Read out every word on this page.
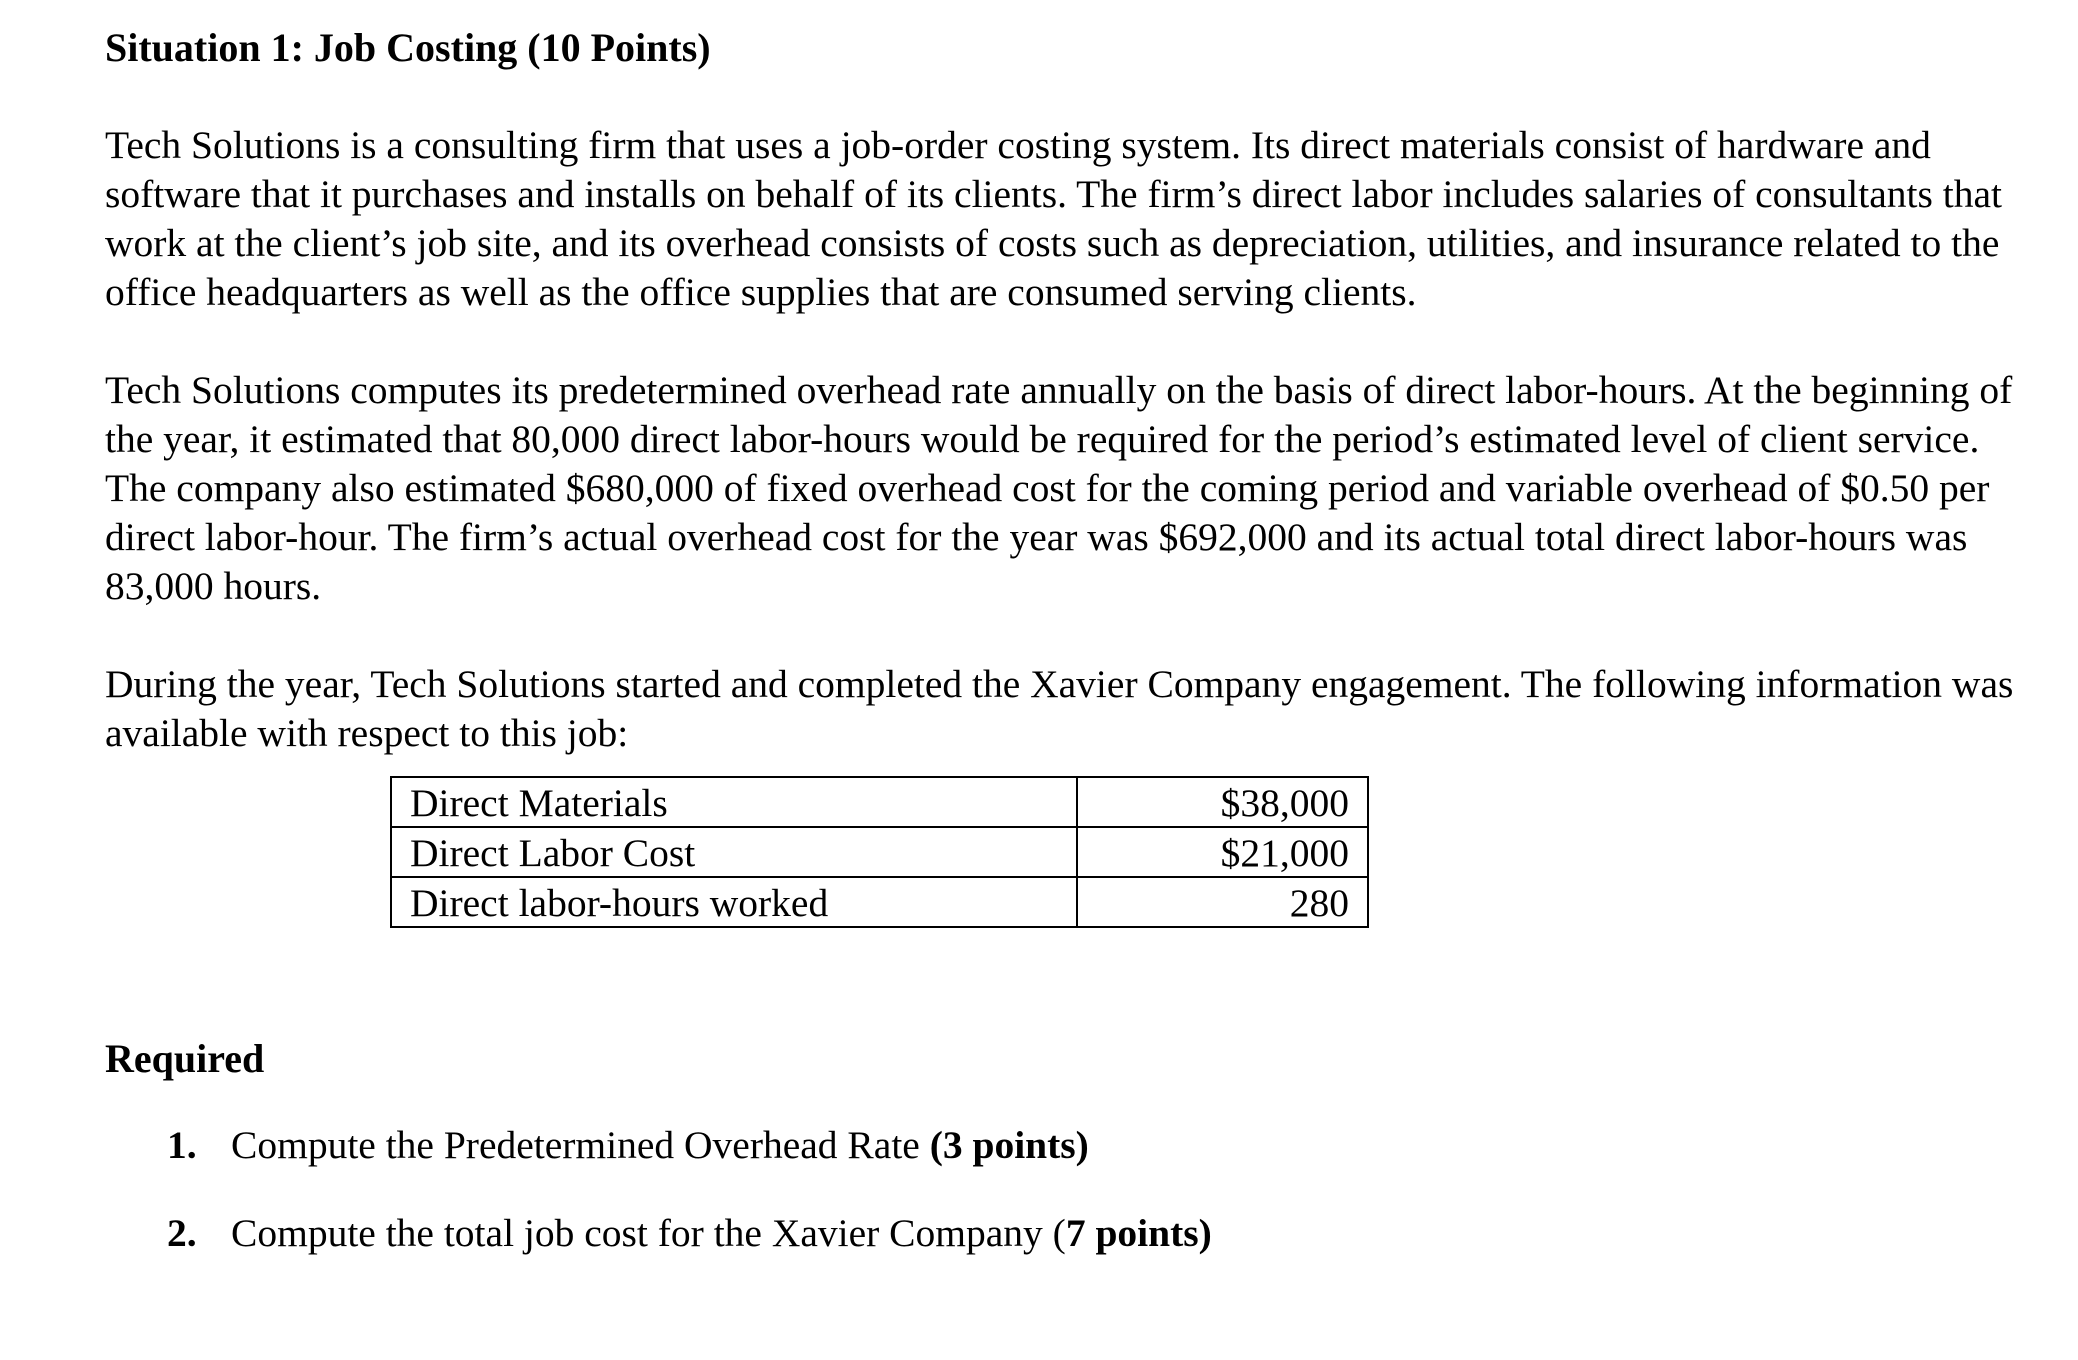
Situation 1: Job Costing (10 Points)

Tech Solutions is a consulting firm that uses a job-order costing system. Its direct materials consist of hardware and software that it purchases and installs on behalf of its clients. The firm’s direct labor includes salaries of consultants that work at the client’s job site, and its overhead consists of costs such as depreciation, utilities, and insurance related to the office headquarters as well as the office supplies that are consumed serving clients.

Tech Solutions computes its predetermined overhead rate annually on the basis of direct labor-hours. At the beginning of the year, it estimated that 80,000 direct labor-hours would be required for the period’s estimated level of client service. The company also estimated $680,000 of fixed overhead cost for the coming period and variable overhead of $0.50 per direct labor-hour. The firm’s actual overhead cost for the year was $692,000 and its actual total direct labor-hours was 83,000 hours.

During the year, Tech Solutions started and completed the Xavier Company engagement. The following information was available with respect to this job:

Direct Materials	$38,000
Direct Labor Cost	$21,000
Direct labor-hours worked	280
Required
1. Compute the Predetermined Overhead Rate (3 points)
2. Compute the total job cost for the Xavier Company (7 points)
